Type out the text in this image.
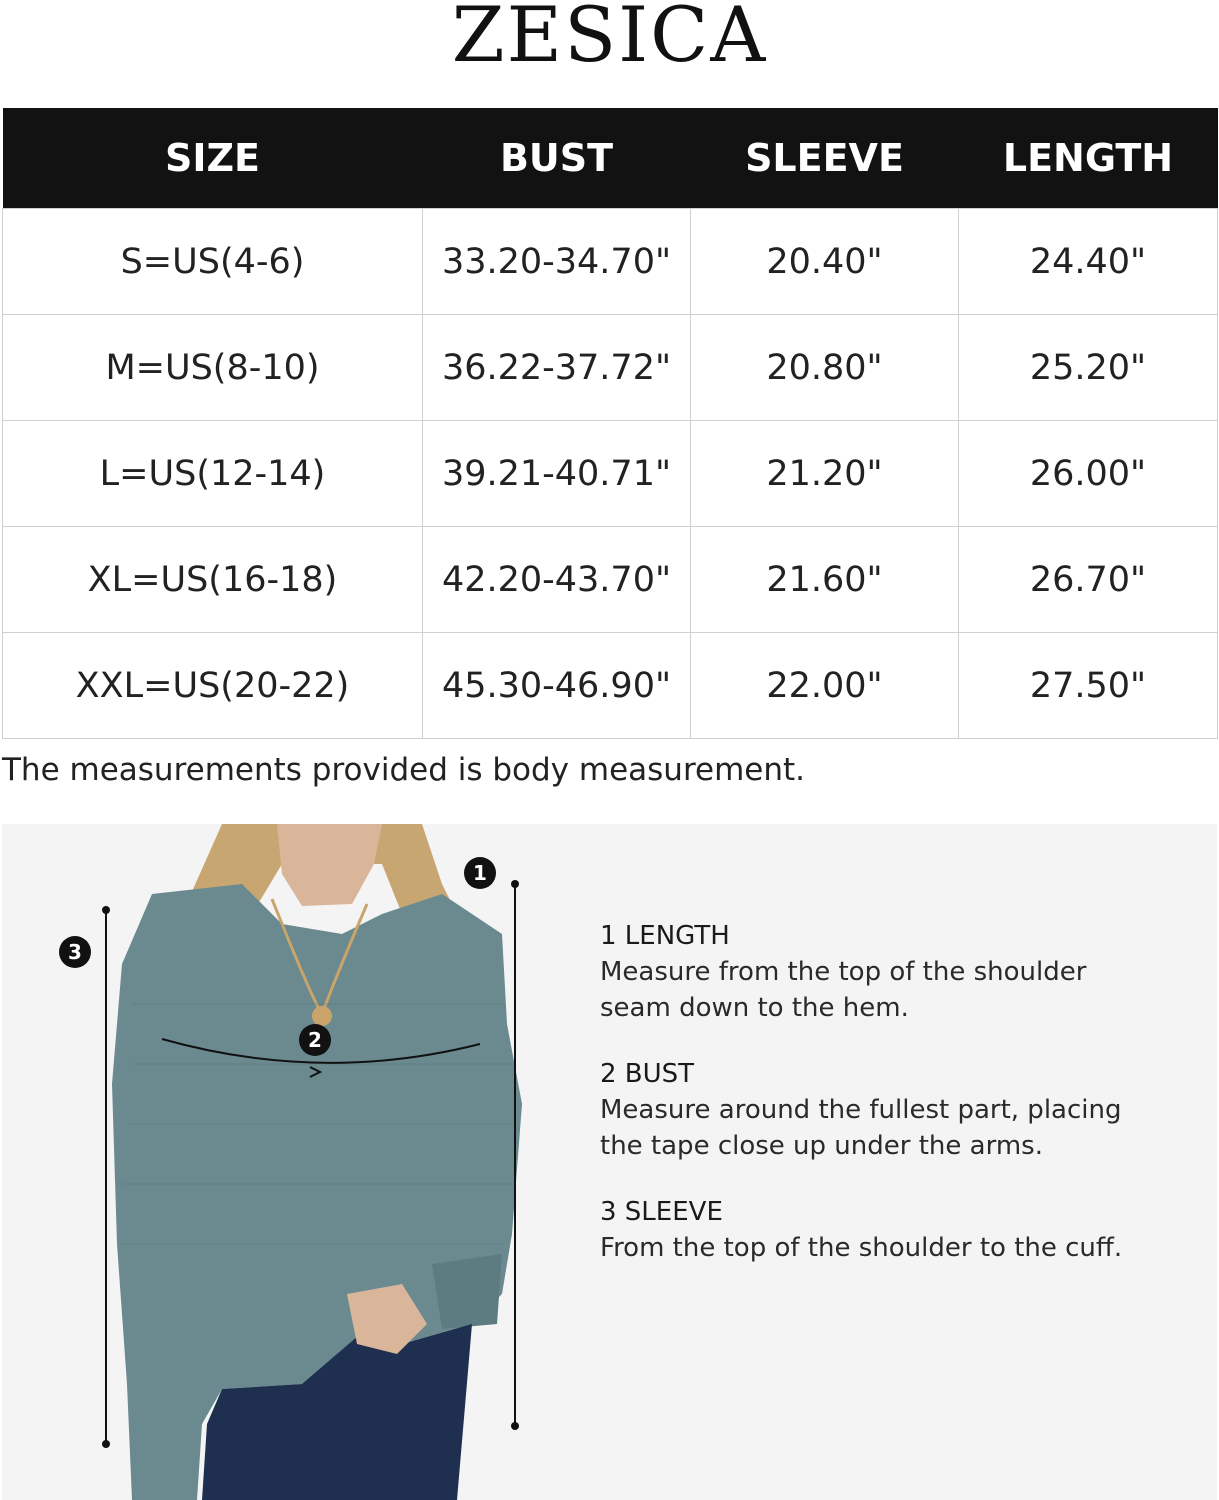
ZESICA
SIZE	BUST	SLEEVE	LENGTH
S=US(4-6)	33.20-34.70"	20.40"	24.40"
M=US(8-10)	36.22-37.72"	20.80"	25.20"
L=US(12-14)	39.21-40.71"	21.20"	26.00"
XL=US(16-18)	42.20-43.70"	21.60"	26.70"
XXL=US(20-22)	45.30-46.90"	22.00"	27.50"
The measurements provided is body measurement.
1
2
3
1 LENGTH
Measure from the top of the shoulder
seam down to the hem.
2 BUST
Measure around the fullest part, placing
the tape close up under the arms.
3 SLEEVE
From the top of the shoulder to the cuff.
